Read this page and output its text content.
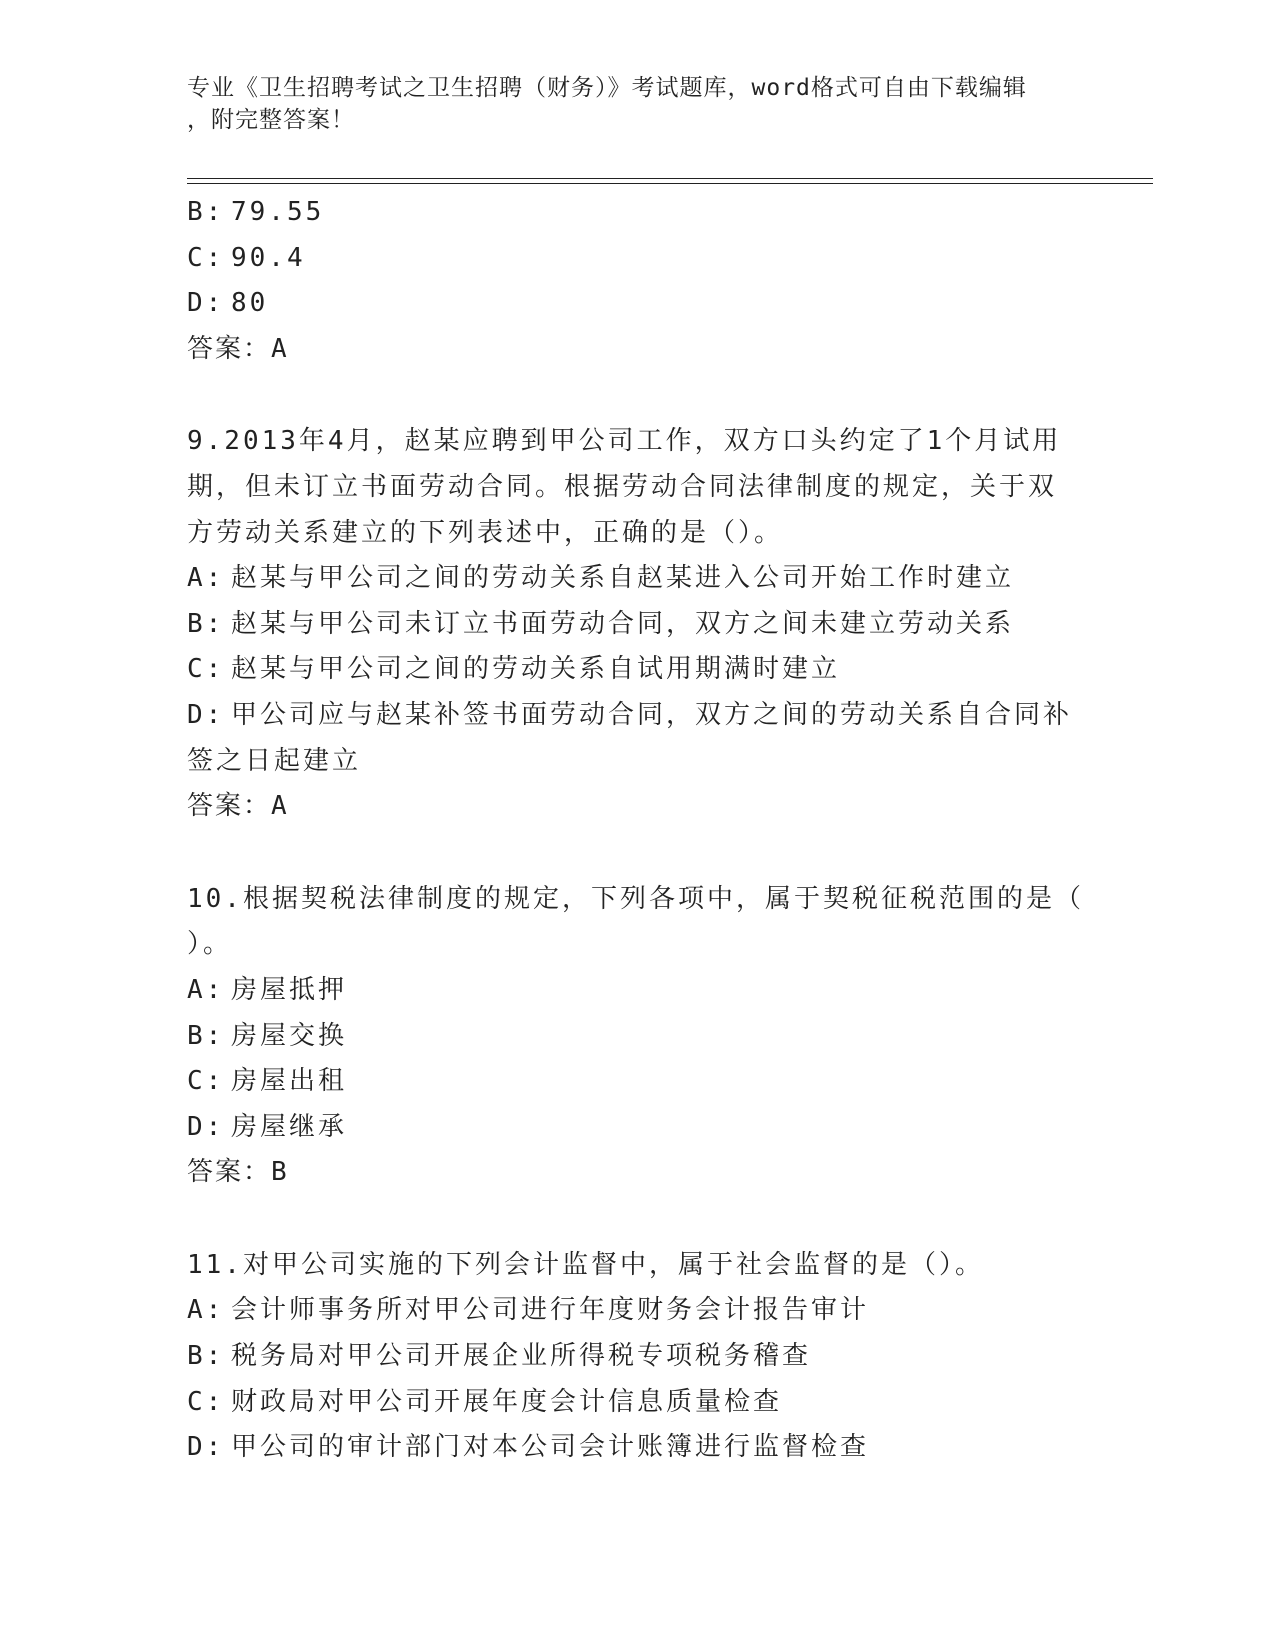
专业《卫生招聘考试之卫生招聘（财务）》考试题库，word格式可自由下载编辑
，附完整答案！
B: 79.55
C: 90.4
D: 80
答案：A
9.2013年4月，赵某应聘到甲公司工作，双方口头约定了1个月试用
期，但未订立书面劳动合同。根据劳动合同法律制度的规定，关于双
方劳动关系建立的下列表述中，正确的是（）。
A: 赵某与甲公司之间的劳动关系自赵某进入公司开始工作时建立
B: 赵某与甲公司未订立书面劳动合同，双方之间未建立劳动关系
C: 赵某与甲公司之间的劳动关系自试用期满时建立
D: 甲公司应与赵某补签书面劳动合同，双方之间的劳动关系自合同补
签之日起建立
答案：A
10.根据契税法律制度的规定，下列各项中，属于契税征税范围的是（
）。
A: 房屋抵押
B: 房屋交换
C: 房屋出租
D: 房屋继承
答案：B
11.对甲公司实施的下列会计监督中，属于社会监督的是（）。
A: 会计师事务所对甲公司进行年度财务会计报告审计
B: 税务局对甲公司开展企业所得税专项税务稽查
C: 财政局对甲公司开展年度会计信息质量检查
D: 甲公司的审计部门对本公司会计账簿进行监督检查
